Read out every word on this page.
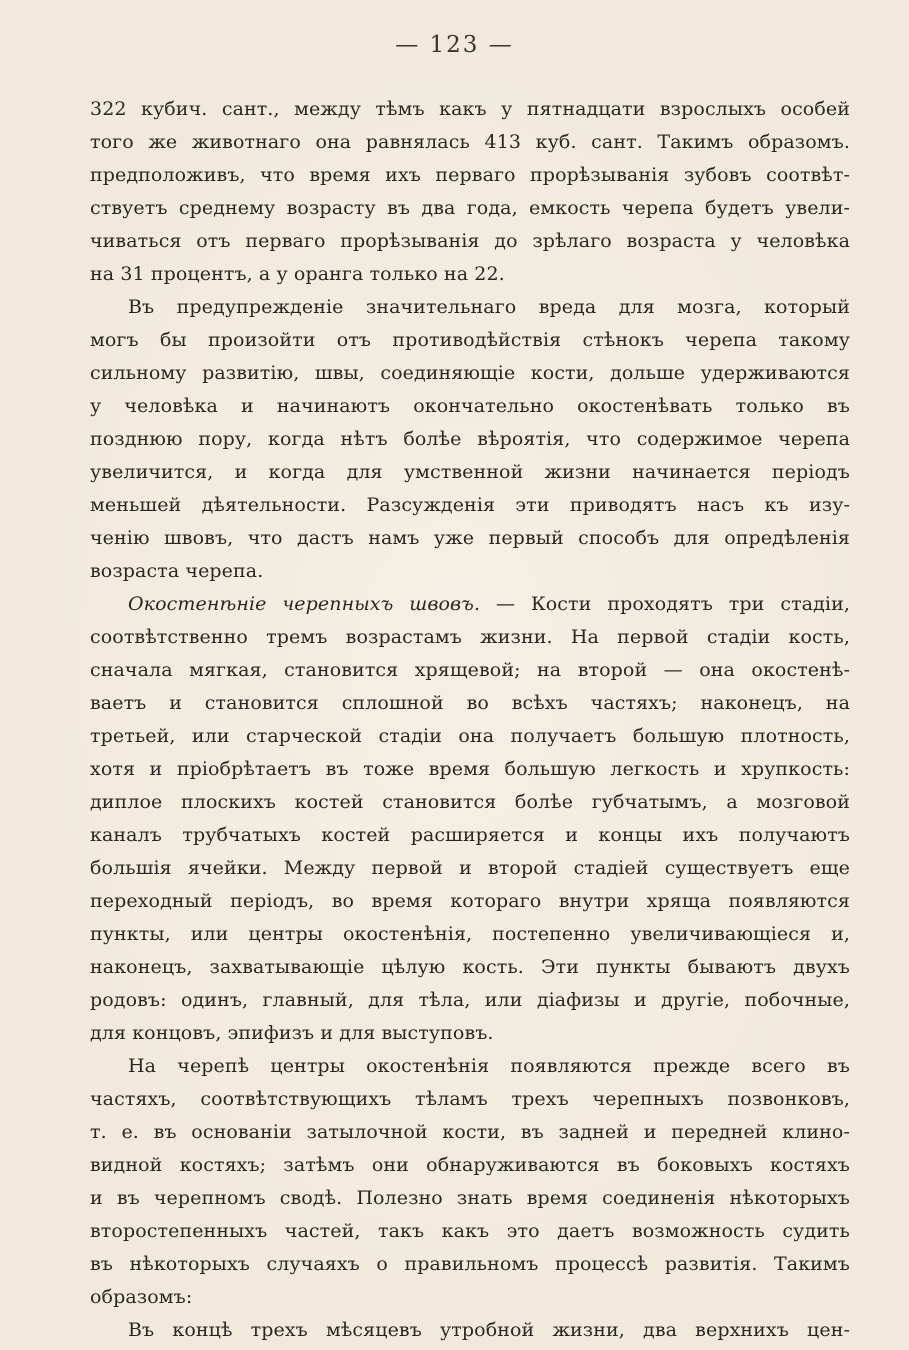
— 123 —
322 кубич. сант., между тѣмъ какъ у пятнадцати взрослыхъ особей
того же животнаго она равнялась 413 куб. сант. Такимъ образомъ.
предположивъ, что время ихъ перваго прорѣзыванія зубовъ соотвѣт-
ствуетъ среднему возрасту въ два года, емкость черепа будетъ увели-
чиваться отъ перваго прорѣзыванія до зрѣлаго возраста у человѣка
на 31 процентъ, а у оранга только на 22.
Въ предупрежденіе значительнаго вреда для мозга, который
могъ бы произойти отъ противодѣйствія стѣнокъ черепа такому
сильному развитію, швы, соединяющіе кости, дольше удерживаются
у человѣка и начинаютъ окончательно окостенѣвать только въ
позднюю пору, когда нѣтъ болѣе вѣроятія, что содержимое черепа
увеличится, и когда для умственной жизни начинается періодъ
меньшей дѣятельности. Разсужденія эти приводятъ насъ къ изу-
ченію швовъ, что дастъ намъ уже первый способъ для опредѣленія
возраста черепа.
Окостенѣніе черепныхъ швовъ. — Кости проходятъ три стадіи,
соотвѣтственно тремъ возрастамъ жизни. На первой стадіи кость,
сначала мягкая, становится хрящевой; на второй — она окостенѣ-
ваетъ и становится сплошной во всѣхъ частяхъ; наконецъ, на
третьей, или старческой стадіи она получаетъ большую плотность,
хотя и пріобрѣтаетъ въ тоже время большую легкость и хрупкость:
диплое плоскихъ костей становится болѣе губчатымъ, а мозговой
каналъ трубчатыхъ костей расширяется и концы ихъ получаютъ
большія ячейки. Между первой и второй стадіей существуетъ еще
переходный періодъ, во время котораго внутри хряща появляются
пункты, или центры окостенѣнія, постепенно увеличивающіеся и,
наконецъ, захватывающіе цѣлую кость. Эти пункты бываютъ двухъ
родовъ: одинъ, главный, для тѣла, или діафизы и другіе, побочные,
для концовъ, эпифизъ и для выступовъ.
На черепѣ центры окостенѣнія появляются прежде всего въ
частяхъ, соотвѣтствующихъ тѣламъ трехъ черепныхъ позвонковъ,
т. е. въ основаніи затылочной кости, въ задней и передней клино-
видной костяхъ; затѣмъ они обнаруживаются въ боковыхъ костяхъ
и въ черепномъ сводѣ. Полезно знать время соединенія нѣкоторыхъ
второстепенныхъ частей, такъ какъ это даетъ возможность судить
въ нѣкоторыхъ случаяхъ о правильномъ процессѣ развитія. Такимъ
образомъ:
Въ концѣ трехъ мѣсяцевъ утробной жизни, два верхнихъ цен-
